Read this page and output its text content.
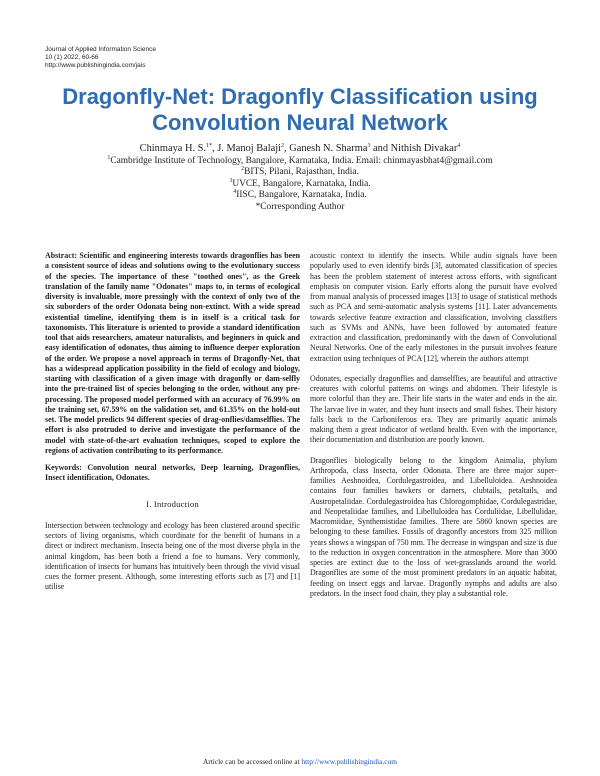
Journal of Applied Information Science
10 (1) 2022, 60-66
http://www.publishingindia.com/jais
Dragonfly-Net: Dragonfly Classification using
Convolution Neural Network
Chinmaya H. S.$^{1*}$, J. Manoj Balaji$^2$, Ganesh N. Sharma$^3$ and Nithish Divakar$^4$
$^1$Cambridge Institute of Technology, Bangalore, Karnataka, India. Email: chinmayasbhat4@gmail.com
$^2$BITS, Pilani, Rajasthan, India.
$^3$UVCE, Bangalore, Karnataka, India.
$^4$IISC, Bangalore, Karnataka, India.
*Corresponding Author

Abstract: Scientific and engineering interests towards dragonflies has been a consistent source of ideas and solutions owing to the evolutionary success of the species. The importance of these "toothed ones", as the Greek translation of the family name "Odonates" maps to, in terms of ecological diversity is invaluable, more pressingly with the context of only two of the six suborders of the order Odonata being non-extinct. With a wide spread existential timeline, identifying them is in itself is a critical task for taxonomists. This literature is oriented to provide a standard identification tool that aids researchers, amateur naturalists, and beginners in quick and easy identification of odonates, thus aiming to influence deeper exploration of the order. We propose a novel approach in terms of Dragonfly-Net, that has a widespread application possibility in the field of ecology and biology, starting with classification of a given image with dragonfly or dam-selfly into the pre-trained list of species belonging to the order, without any pre-processing. The proposed model performed with an accuracy of 76.99% on the training set, 67.59% on the validation set, and 61.35% on the hold-out set. The model predicts 94 different species of drag-onflies/damselflies. The effort is also protruded to derive and investigate the performance of the model with state-of-the-art evaluation techniques, scoped to explore the regions of activation contributing to its performance.

Keywords: Convolution neural networks, Deep learning, Dragonflies, Insect identification, Odonates.

I. Introduction

Intersection between technology and ecology has been clustered around specific sectors of living organisms, which coordinate for the benefit of humans in a direct or indirect mechanism. Insecta being one of the most diverse phyla in the animal kingdom, has been both a friend a foe to humans. Very commonly, identification of insects for humans has intuitively been through the vivid visual cues the former present. Although, some interesting efforts such as [7] and [1] utilise

acoustic context to identify the insects. While audio signals have been popularly used to even identify birds [3], automated classification of species has been the problem statement of interest across efforts, with significant emphasis on computer vision. Early efforts along the pursuit have evolved from manual analysis of processed images [13] to usage of statistical methods such as PCA and semi-automatic analysis systems [11]. Later advancements towards selective feature extraction and classification, involving classifiers such as SVMs and ANNs, have been followed by automated feature extraction and classification, predominantly with the dawn of Convolutional Neural Networks. One of the early milestones in the pursuit involves feature extraction using techniques of PCA [12], wherein the authors attempt

Odonates, especially dragonflies and damselflies, are beautiful and attractive creatures with colorful patterns on wings and abdomen. Their lifestyle is more colorful than they are. Their life starts in the water and ends in the air. The larvae live in water, and they hunt insects and small fishes. Their history falls back to the Carboniferous era. They are primarily aquatic animals making them a great indicator of wetland health. Even with the importance, their documentation and distribution are poorly known.

Dragonflies biologically belong to the kingdom Animalia, phylum Arthropoda, class Insecta, order Odonata. There are three major super-families Aeshnoidea, Cordulegastroidea, and Libelluloidea. Aeshnoidea contains four families hawkers or darners, clubtails, petaltails, and Austropetaliidae. Cordulegastroidea has Chlorogomphidae, Cordulegastridae, and Neopetaliidae families, and Libelluloidea has Corduliidae, Libellulidae, Macromiidae, Synthemistidae families. There are 5860 known species are belonging to these families. Fossils of dragonfly ancestors from 325 million years shows a wingspan of 750 mm. The decrease in wingspan and size is due to the reduction in oxygen concentration in the atmosphere. More than 3000 species are extinct due to the loss of wet-grasslands around the world. Dragonflies are some of the most prominent predators in an aquatic habitat, feeding on insect eggs and larvae. Dragonfly nymphs and adults are also predators. In the insect food chain, they play a substantial role.

Article can be accessed online at http://www.publishingindia.com
